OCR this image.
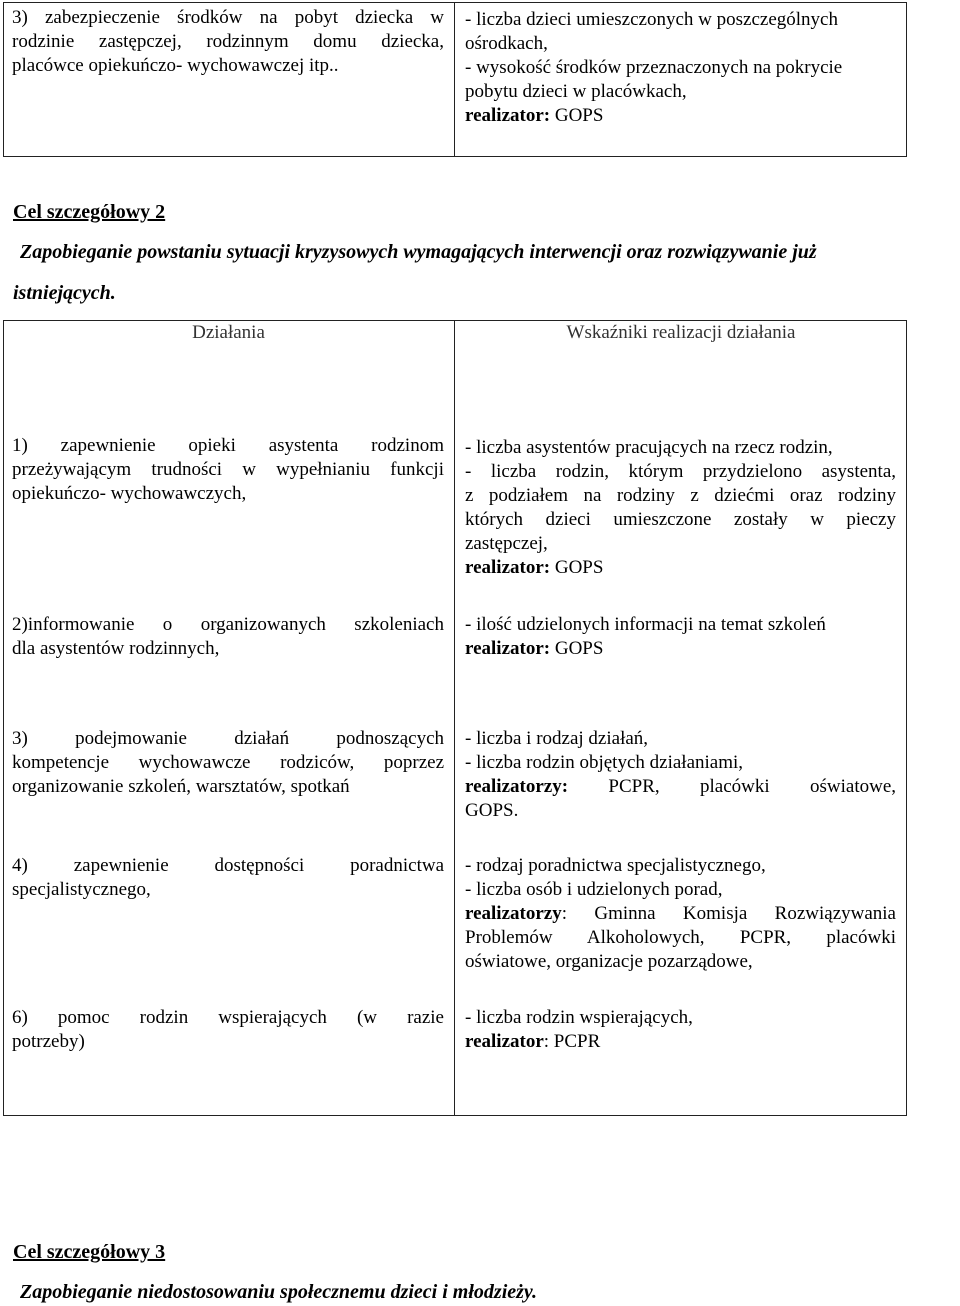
3) zabezpieczenie środków na pobyt dziecka w
rodzinie zastępczej, rodzinnym domu dziecka,
placówce opiekuńczo- wychowawczej itp..
- liczba dzieci umieszczonych w poszczególnych
ośrodkach,
- wysokość środków przeznaczonych na pokrycie
pobytu dzieci w placówkach,
realizator: GOPS
Cel szczegółowy 2
Zapobieganie powstaniu sytuacji kryzysowych wymagających interwencji oraz rozwiązywanie już
istniejących.
Działania	Wskaźniki realizacji działania
1) zapewnienie opieki asystenta rodzinom
przeżywającym trudności w wypełnianiu funkcji
opiekuńczo- wychowawczych,
- liczba asystentów pracujących na rzecz rodzin,
- liczba rodzin, którym przydzielono asystenta,
z podziałem na rodziny z dziećmi oraz rodziny
których dzieci umieszczone zostały w pieczy
zastępczej,
realizator: GOPS
2)informowanie o organizowanych szkoleniach
dla asystentów rodzinnych,
- ilość udzielonych informacji na temat szkoleń
realizator: GOPS
3) podejmowanie działań podnoszących
kompetencje wychowawcze rodziców, poprzez
organizowanie szkoleń, warsztatów, spotkań
- liczba i rodzaj działań,
- liczba rodzin objętych działaniami,
realizatorzy: PCPR, placówki oświatowe,
GOPS.
4) zapewnienie dostępności poradnictwa
specjalistycznego,
- rodzaj poradnictwa specjalistycznego,
- liczba osób i udzielonych porad,
realizatorzy: Gminna Komisja Rozwiązywania
Problemów Alkoholowych, PCPR, placówki
oświatowe, organizacje pozarządowe,
6) pomoc rodzin wspierających (w razie
potrzeby)
- liczba rodzin wspierających,
realizator: PCPR
Cel szczegółowy 3
Zapobieganie niedostosowaniu społecznemu dzieci i młodzieży.
